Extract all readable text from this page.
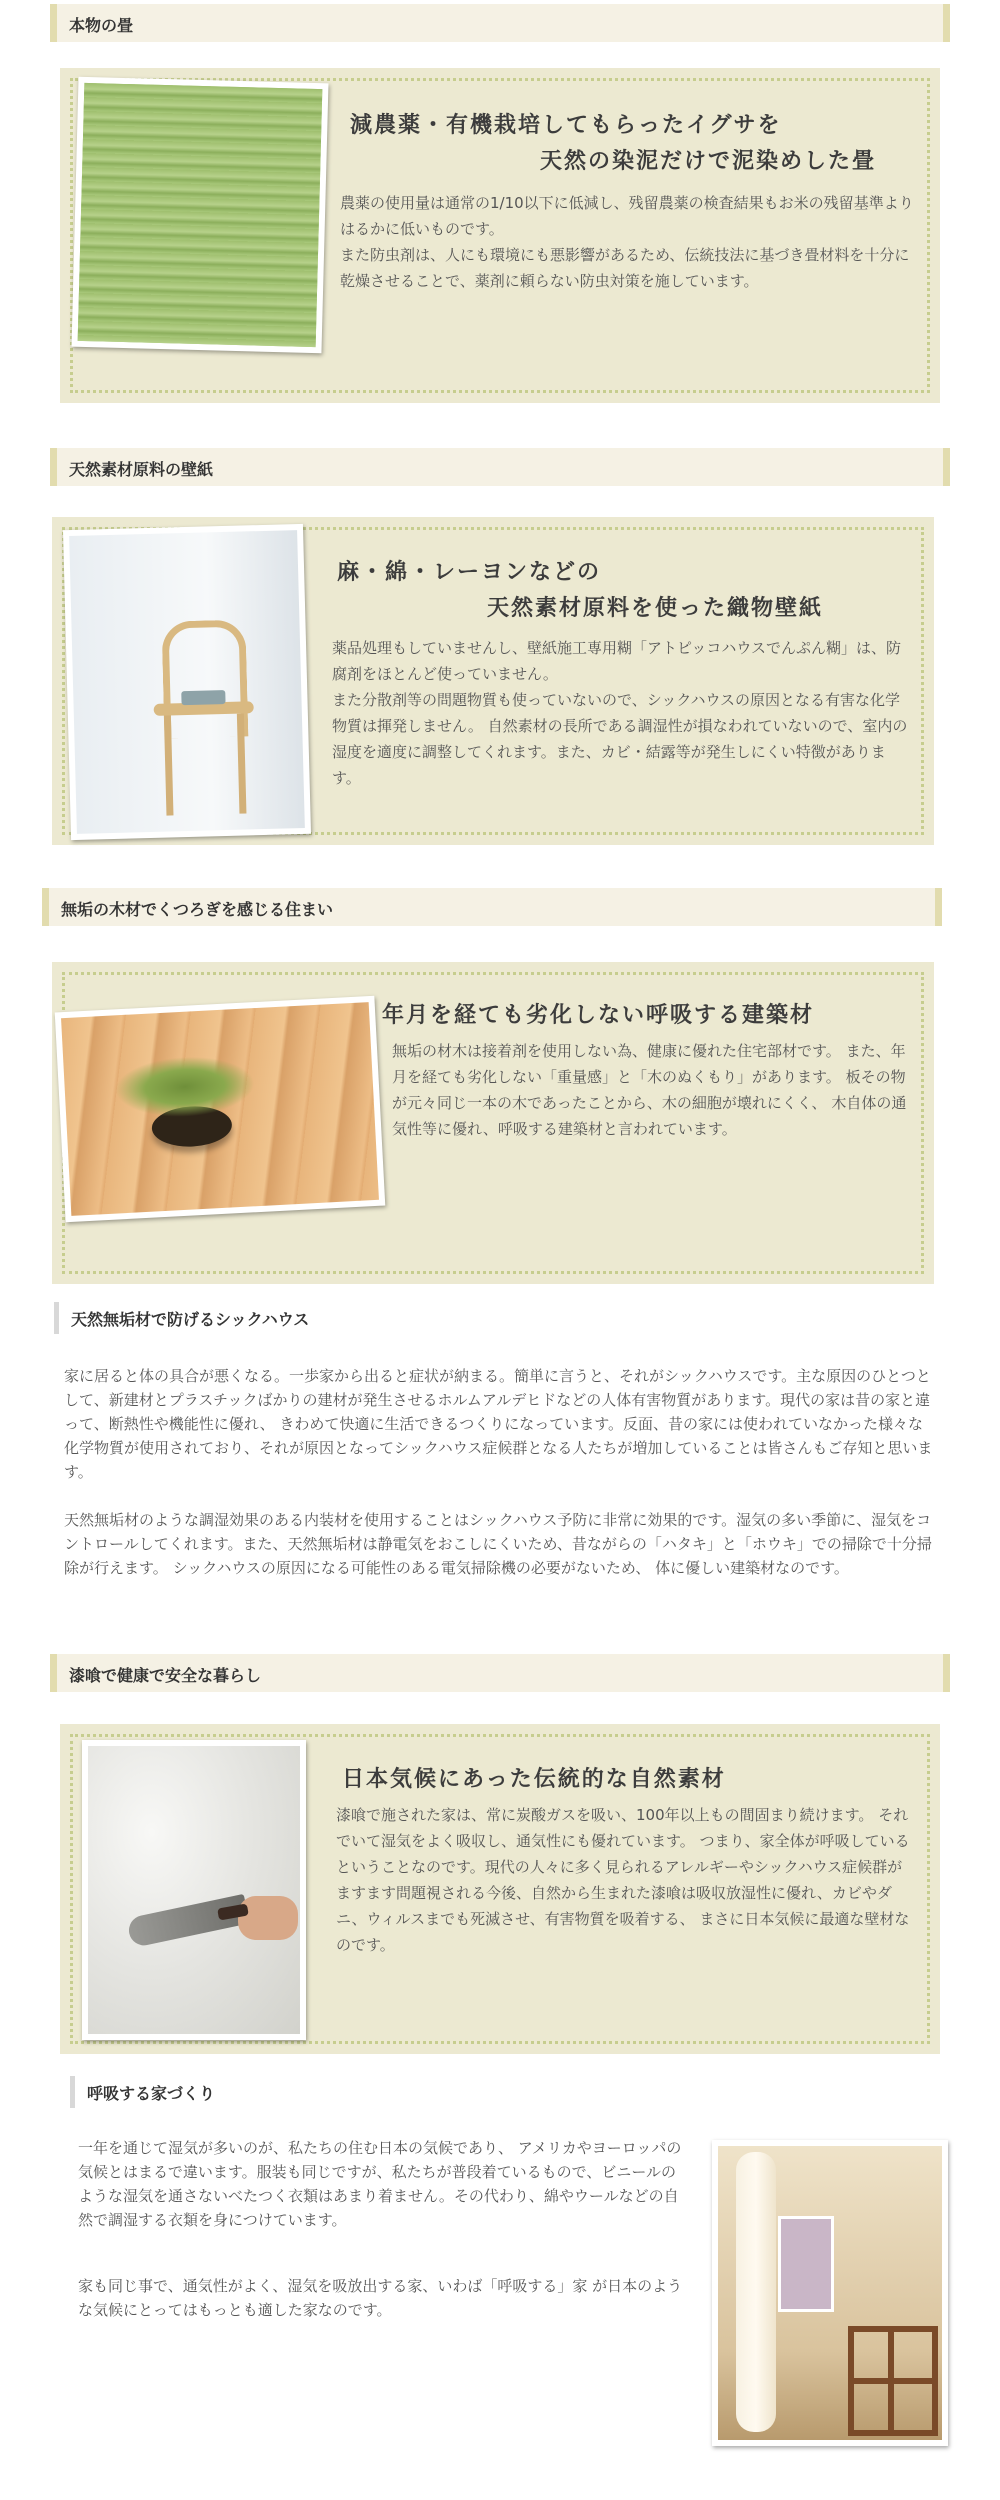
本物の畳
減農薬・有機栽培してもらったイグサを
天然の染泥だけで泥染めした畳
農薬の使用量は通常の1/10以下に低減し、残留農薬の検査結果もお米の残留基準よりはるかに低いものです。
また防虫剤は、人にも環境にも悪影響があるため、伝統技法に基づき畳材料を十分に乾燥させることで、薬剤に頼らない防虫対策を施しています。
天然素材原料の壁紙
麻・綿・レーヨンなどの
天然素材原料を使った織物壁紙
薬品処理もしていませんし、壁紙施工専用糊「アトピッコハウスでんぷん糊」は、防腐剤をほとんど使っていません。
また分散剤等の問題物質も使っていないので、シックハウスの原因となる有害な化学物質は揮発しません。 自然素材の長所である調湿性が損なわれていないので、室内の湿度を適度に調整してくれます。また、カビ・結露等が発生しにくい特徴があります。
無垢の木材でくつろぎを感じる住まい
年月を経ても劣化しない呼吸する建築材
無垢の材木は接着剤を使用しない為、健康に優れた住宅部材です。 また、年月を経ても劣化しない「重量感」と「木のぬくもり」があります。 板その物が元々同じ一本の木であったことから、木の細胞が壊れにくく、 木自体の通気性等に優れ、呼吸する建築材と言われています。
天然無垢材で防げるシックハウス
家に居ると体の具合が悪くなる。一歩家から出ると症状が納まる。簡単に言うと、それがシックハウスです。主な原因のひとつとして、新建材とプラスチックばかりの建材が発生させるホルムアルデヒドなどの人体有害物質があります。現代の家は昔の家と違って、断熱性や機能性に優れ、 きわめて快適に生活できるつくりになっています。反面、昔の家には使われていなかった様々な化学物質が使用されており、それが原因となってシックハウス症候群となる人たちが増加していることは皆さんもご存知と思います。
天然無垢材のような調湿効果のある内装材を使用することはシックハウス予防に非常に効果的です。湿気の多い季節に、湿気をコントロールしてくれます。また、天然無垢材は静電気をおこしにくいため、昔ながらの「ハタキ」と「ホウキ」での掃除で十分掃除が行えます。 シックハウスの原因になる可能性のある電気掃除機の必要がないため、 体に優しい建築材なのです。
漆喰で健康で安全な暮らし
日本気候にあった伝統的な自然素材
漆喰で施された家は、常に炭酸ガスを吸い、100年以上もの間固まり続けます。 それでいて湿気をよく吸収し、通気性にも優れています。 つまり、家全体が呼吸しているということなのです。現代の人々に多く見られるアレルギーやシックハウス症候群がますます問題視される今後、自然から生まれた漆喰は吸収放湿性に優れ、カビやダニ、ウィルスまでも死滅させ、有害物質を吸着する、 まさに日本気候に最適な壁材なのです。
呼吸する家づくり
一年を通じて湿気が多いのが、私たちの住む日本の気候であり、 アメリカやヨーロッパの気候とはまるで違います。服装も同じですが、私たちが普段着ているもので、ビニールのような湿気を通さないべたつく衣類はあまり着ません。その代わり、綿やウールなどの自然で調湿する衣類を身につけています。
家も同じ事で、通気性がよく、湿気を吸放出する家、いわば「呼吸する」家 が日本のような気候にとってはもっとも適した家なのです。
